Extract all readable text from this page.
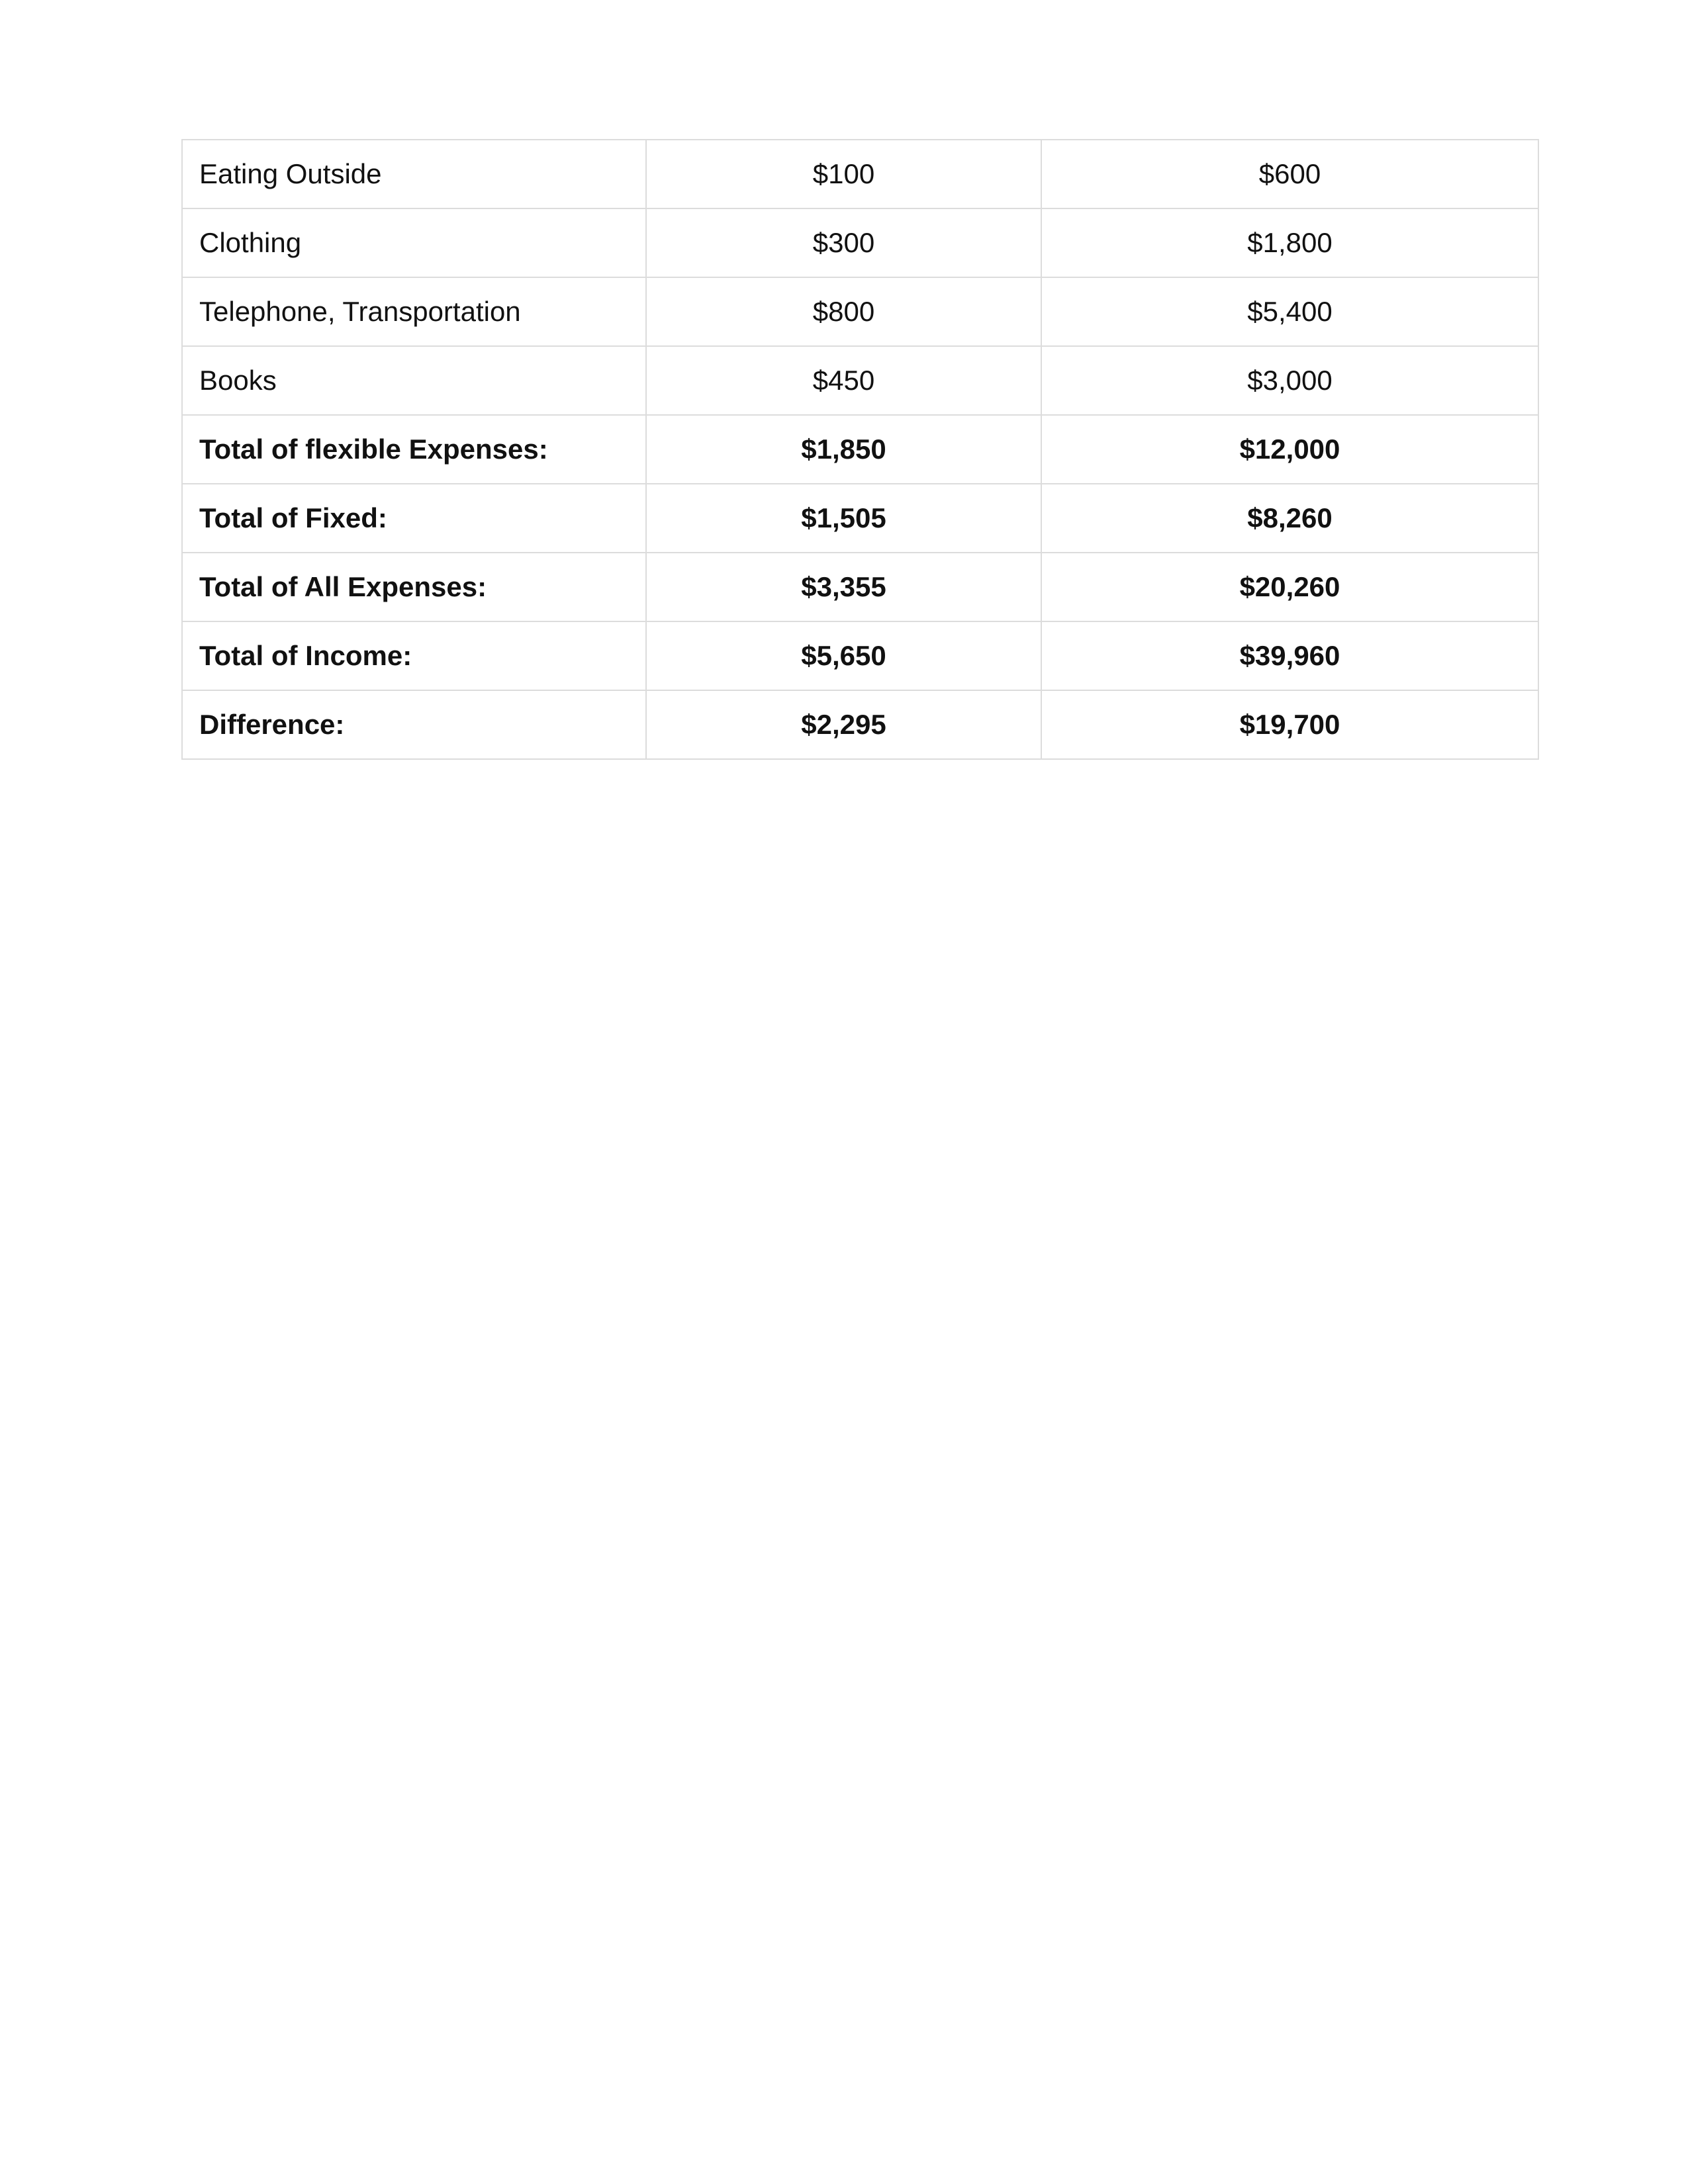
Eating Outside	$100	$600
Clothing	$300	$1,800
Telephone, Transportation	$800	$5,400
Books	$450	$3,000
Total of flexible Expenses:	$1,850	$12,000
Total of Fixed:	$1,505	$8,260
Total of All Expenses:	$3,355	$20,260
Total of Income:	$5,650	$39,960
Difference:	$2,295	$19,700
